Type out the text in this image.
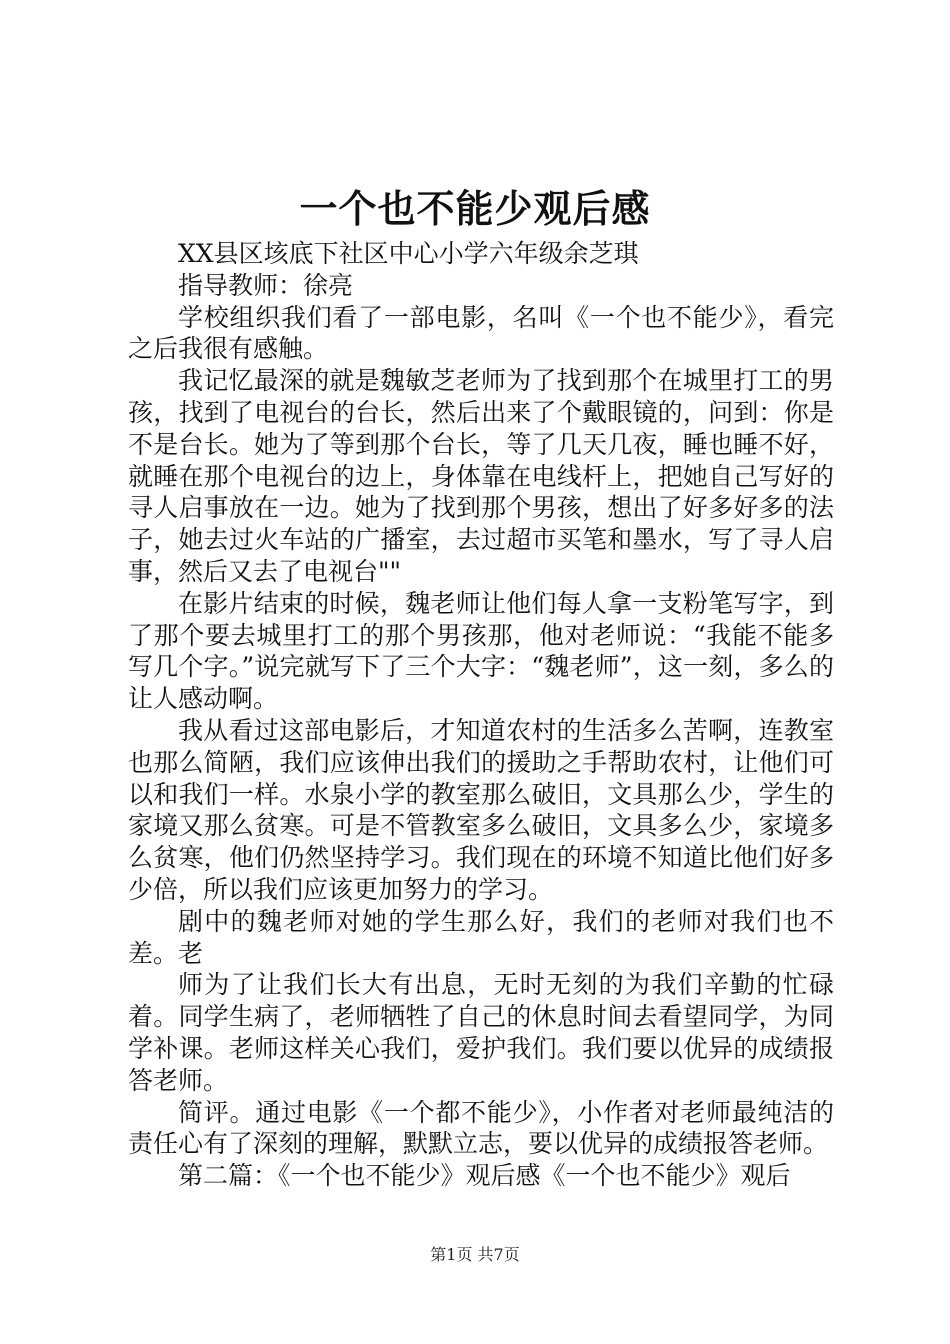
一个也不能少观后感

XX县区垓底下社区中心小学六年级余芝琪

指导教师：徐亮

学校组织我们看了一部电影，名叫《一个也不能少》，看完之后我很有感触。

我记忆最深的就是魏敏芝老师为了找到那个在城里打工的男孩，找到了电视台的台长，然后出来了个戴眼镜的，问到：你是不是台长。她为了等到那个台长，等了几天几夜，睡也睡不好，就睡在那个电视台的边上，身体靠在电线杆上，把她自己写好的寻人启事放在一边。她为了找到那个男孩，想出了好多好多的法子，她去过火车站的广播室，去过超市买笔和墨水，写了寻人启事，然后又去了电视台""

在影片结束的时候，魏老师让他们每人拿一支粉笔写字，到了那个要去城里打工的那个男孩那，他对老师说：“我能不能多写几个字。”说完就写下了三个大字：“魏老师”，这一刻，多么的让人感动啊。

我从看过这部电影后，才知道农村的生活多么苦啊，连教室也那么简陋，我们应该伸出我们的援助之手帮助农村，让他们可以和我们一样。水泉小学的教室那么破旧，文具那么少，学生的家境又那么贫寒。可是不管教室多么破旧，文具多么少，家境多么贫寒，他们仍然坚持学习。我们现在的环境不知道比他们好多少倍，所以我们应该更加努力的学习。

剧中的魏老师对她的学生那么好，我们的老师对我们也不差。老

师为了让我们长大有出息，无时无刻的为我们辛勤的忙碌着。同学生病了，老师牺牲了自己的休息时间去看望同学，为同学补课。老师这样关心我们，爱护我们。我们要以优异的成绩报答老师。

简评。通过电影《一个都不能少》，小作者对老师最纯洁的责任心有了深刻的理解，默默立志，要以优异的成绩报答老师。

第二篇：《一个也不能少》观后感《一个也不能少》观后

第1页 共7页
